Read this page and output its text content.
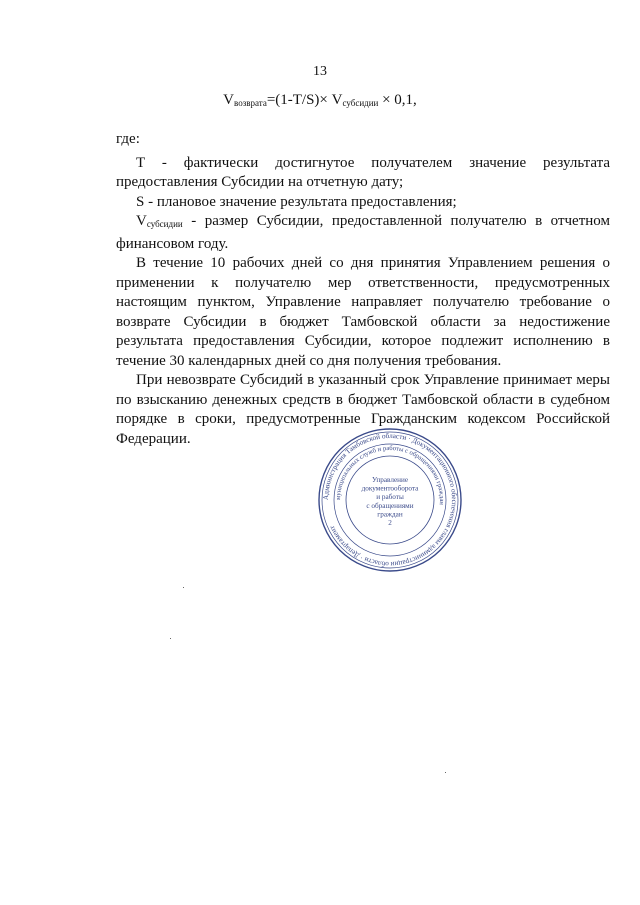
13
$V_{возврата}=(1-T/S)\times V_{субсидии} \times 0,1$,

где:

T - фактически достигнутое получателем значение результата предоставления Субсидии на отчетную дату;

S - плановое значение результата предоставления;

$V_{субсидии}$ - размер Субсидии, предоставленной получателю в отчетном финансовом году.

В течение 10 рабочих дней со дня принятия Управлением решения о применении к получателю мер ответственности, предусмотренных настоящим пунктом, Управление направляет получателю требование о возврате Субсидии в бюджет Тамбовской области за недостижение результата предоставления Субсидии, которое подлежит исполнению в течение 30 календарных дней со дня получения требования.

При невозврате Субсидий в указанный срок Управление принимает меры по взысканию денежных средств в бюджет Тамбовской области в судебном порядке в сроки, предусмотренные Гражданским кодексом Российской Федерации.

Администрация Тамбовской области · Документационного обеспечения главы администрации области · Департамент
муниципальных служб и работы с обращениями граждан
Управление
документооборота
и работы
с обращениями
граждан
2
